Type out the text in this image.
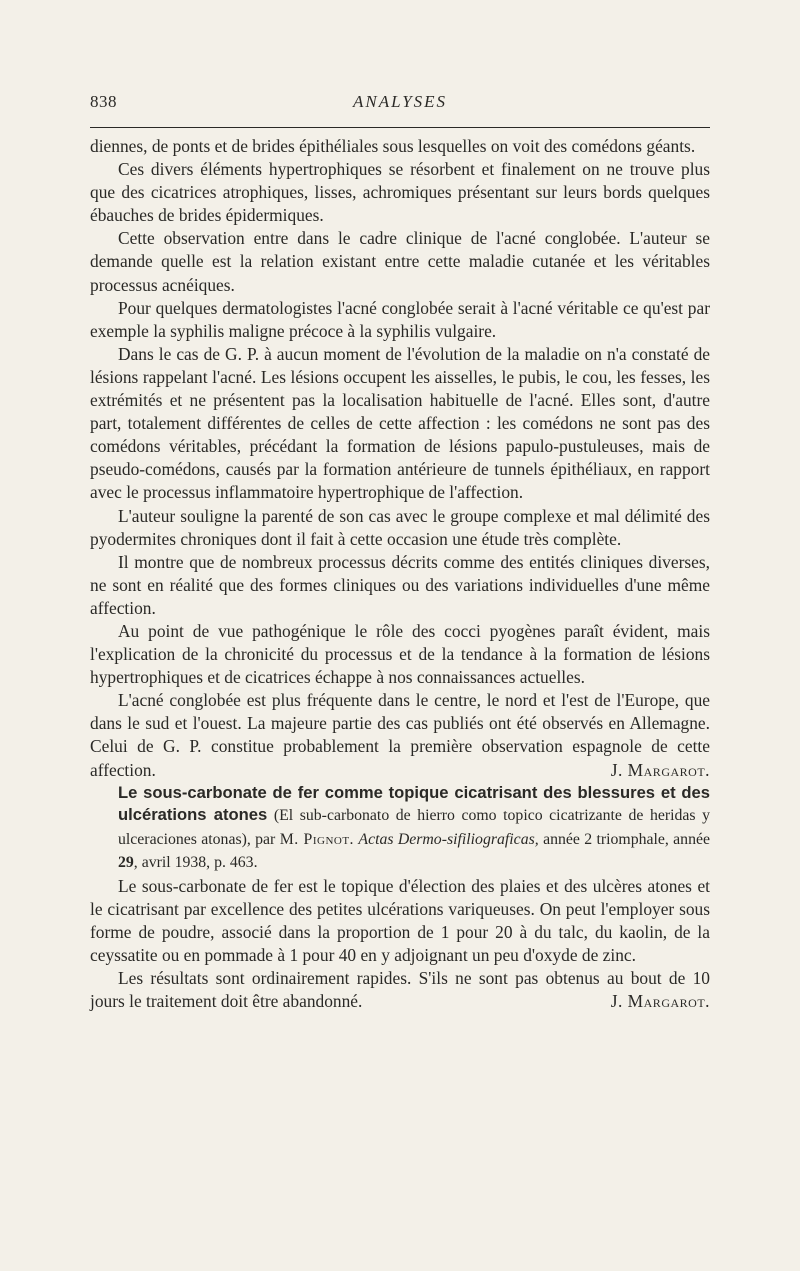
838	ANALYSES

diennes, de ponts et de brides épithéliales sous lesquelles on voit des comédons géants.

Ces divers éléments hypertrophiques se résorbent et finalement on ne trouve plus que des cicatrices atrophiques, lisses, achromiques présentant sur leurs bords quelques ébauches de brides épidermiques.

Cette observation entre dans le cadre clinique de l'acné conglobée. L'auteur se demande quelle est la relation existant entre cette maladie cutanée et les véritables processus acnéiques.

Pour quelques dermatologistes l'acné conglobée serait à l'acné véritable ce qu'est par exemple la syphilis maligne précoce à la syphilis vulgaire.

Dans le cas de G. P. à aucun moment de l'évolution de la maladie on n'a constaté de lésions rappelant l'acné. Les lésions occupent les aisselles, le pubis, le cou, les fesses, les extrémités et ne présentent pas la localisation habituelle de l'acné. Elles sont, d'autre part, totalement différentes de celles de cette affection : les comédons ne sont pas des comédons véritables, précédant la formation de lésions papulo-pustuleuses, mais de pseudo-comédons, causés par la formation antérieure de tunnels épithéliaux, en rapport avec le processus inflammatoire hypertrophique de l'affection.

L'auteur souligne la parenté de son cas avec le groupe complexe et mal délimité des pyodermites chroniques dont il fait à cette occasion une étude très complète.

Il montre que de nombreux processus décrits comme des entités cliniques diverses, ne sont en réalité que des formes cliniques ou des variations individuelles d'une même affection.

Au point de vue pathogénique le rôle des cocci pyogènes paraît évident, mais l'explication de la chronicité du processus et de la tendance à la formation de lésions hypertrophiques et de cicatrices échappe à nos connaissances actuelles.

L'acné conglobée est plus fréquente dans le centre, le nord et l'est de l'Europe, que dans le sud et l'ouest. La majeure partie des cas publiés ont été observés en Allemagne. Celui de G. P. constitue probablement la première observation espagnole de cette affection.	J. Margarot.

Le sous-carbonate de fer comme topique cicatrisant des blessures et des ulcérations atones (El sub-carbonato de hierro como topico cicatrizante de heridas y ulceraciones atonas), par M. Pignot. Actas Dermo-sifiliograficas, année 2 triomphale, année 29, avril 1938, p. 463.

Le sous-carbonate de fer est le topique d'élection des plaies et des ulcères atones et le cicatrisant par excellence des petites ulcérations variqueuses. On peut l'employer sous forme de poudre, associé dans la proportion de 1 pour 20 à du talc, du kaolin, de la ceyssatite ou en pommade à 1 pour 40 en y adjoignant un peu d'oxyde de zinc.

Les résultats sont ordinairement rapides. S'ils ne sont pas obtenus au bout de 10 jours le traitement doit être abandonné.	J. Margarot.
